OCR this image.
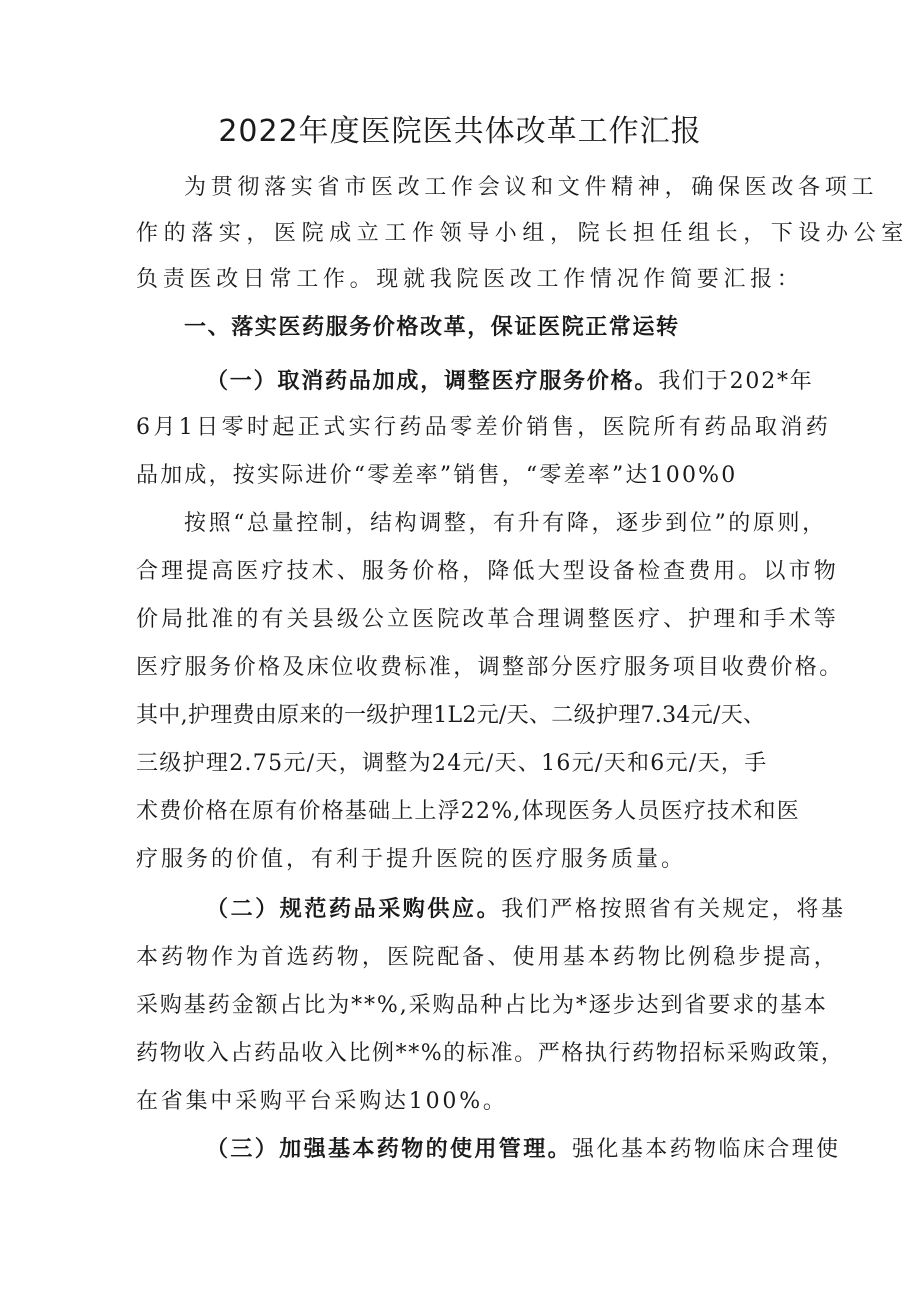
2022年度医院医共体改革工作汇报

为贯彻落实省市医改工作会议和文件精神，确保医改各项工

作的落实，医院成立工作领导小组，院长担任组长，下设办公室

负责医改日常工作。现就我院医改工作情况作简要汇报：

一、落实医药服务价格改革，保证医院正常运转

（一）取消药品加成，调整医疗服务价格。我们于202*年

6月1日零时起正式实行药品零差价销售，医院所有药品取消药

品加成，按实际进价“零差率”销售，“零差率”达100%0

按照“总量控制，结构调整，有升有降，逐步到位”的原则，

合理提高医疗技术、服务价格，降低大型设备检查费用。以市物

价局批准的有关县级公立医院改革合理调整医疗、护理和手术等

医疗服务价格及床位收费标准，调整部分医疗服务项目收费价格。

其中,护理费由原来的一级护理1L2元/天、二级护理7.34元/天、

三级护理2.75元/天，调整为24元/天、16元/天和6元/天，手

术费价格在原有价格基础上上浮22%,体现医务人员医疗技术和医

疗服务的价值，有利于提升医院的医疗服务质量。

（二）规范药品采购供应。我们严格按照省有关规定，将基

本药物作为首选药物，医院配备、使用基本药物比例稳步提高，

采购基药金额占比为**%,采购品种占比为*逐步达到省要求的基本

药物收入占药品收入比例**%的标准。严格执行药物招标采购政策，

在省集中采购平台采购达100%。

（三）加强基本药物的使用管理。强化基本药物临床合理使
